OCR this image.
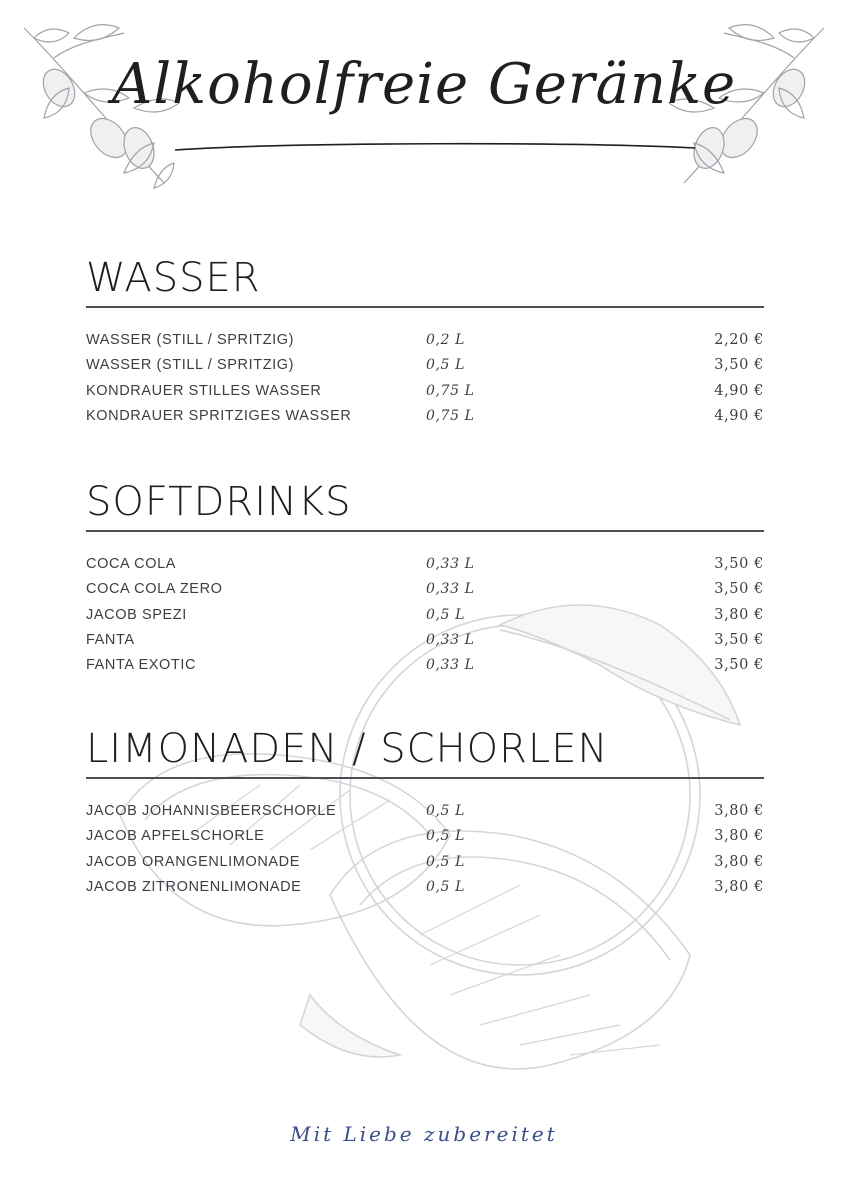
Alkoholfreie Geränke
WASSER
WASSER (STILL / SPRITZIG)	0,2 L	2,20 €
WASSER (STILL / SPRITZIG)	0,5 L	3,50 €
KONDRAUER STILLES WASSER	0,75 L	4,90 €
KONDRAUER SPRITZIGES WASSER	0,75 L	4,90 €
SOFTDRINKS
COCA COLA	0,33 L	3,50 €
COCA COLA ZERO	0,33 L	3,50 €
JACOB SPEZI	0,5 L	3,80 €
FANTA	0,33 L	3,50 €
FANTA EXOTIC	0,33 L	3,50 €
LIMONADEN / SCHORLEN
JACOB JOHANNISBEERSCHORLE	0,5 L	3,80 €
JACOB APFELSCHORLE	0,5 L	3,80 €
JACOB ORANGENLIMONADE	0,5 L	3,80 €
JACOB ZITRONENLIMONADE	0,5 L	3,80 €
Mit Liebe zubereitet
